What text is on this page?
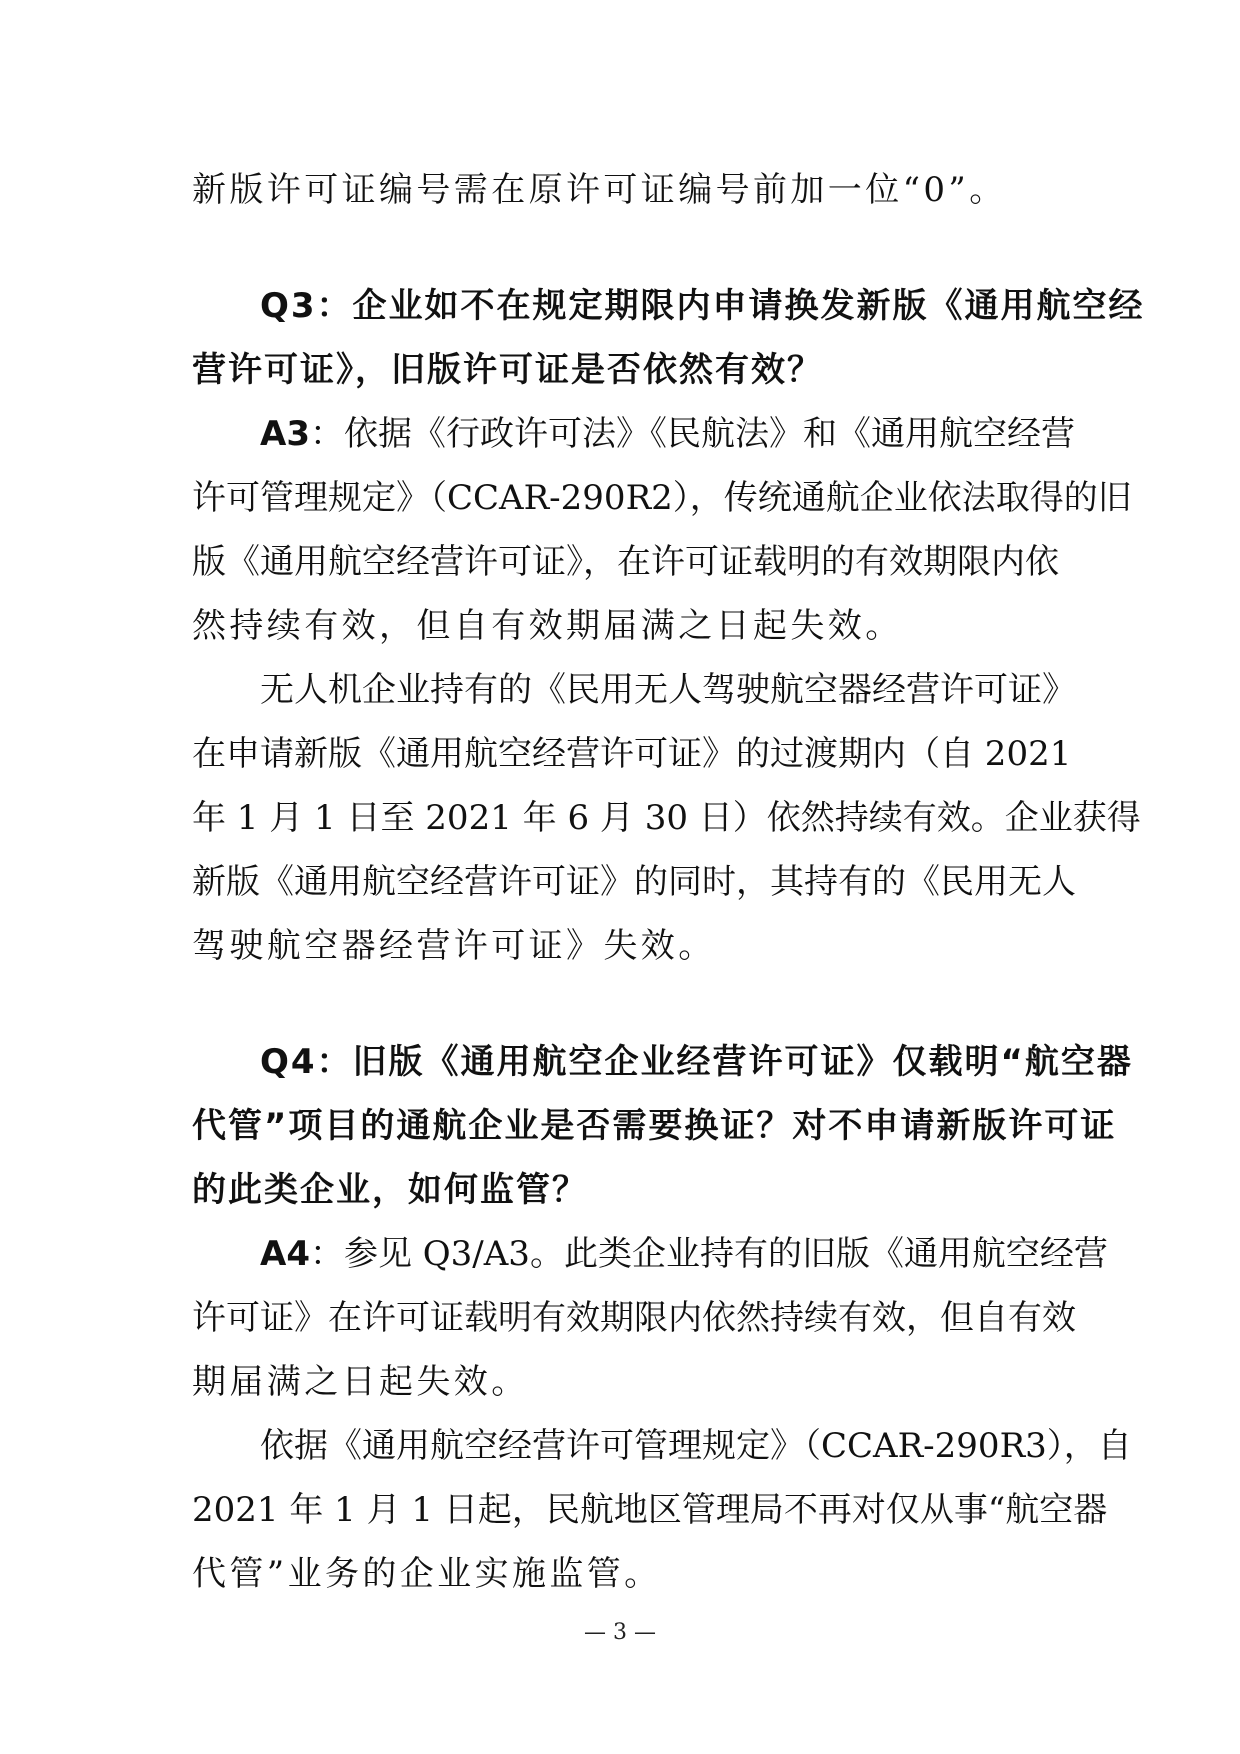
新版许可证编号需在原许可证编号前加一位“0”。
Q3：企业如不在规定期限内申请换发新版《通用航空经
营许可证》，旧版许可证是否依然有效？
A3：依据《行政许可法》《民航法》和《通用航空经营
许可管理规定》（CCAR-290R2），传统通航企业依法取得的旧
版《通用航空经营许可证》，在许可证载明的有效期限内依
然持续有效，但自有效期届满之日起失效。
无人机企业持有的《民用无人驾驶航空器经营许可证》
在申请新版《通用航空经营许可证》的过渡期内（自 2021
年 1 月 1 日至 2021 年 6 月 30 日）依然持续有效。企业获得
新版《通用航空经营许可证》的同时，其持有的《民用无人
驾驶航空器经营许可证》失效。
Q4：旧版《通用航空企业经营许可证》仅载明“航空器
代管”项目的通航企业是否需要换证？对不申请新版许可证
的此类企业，如何监管？
A4：参见 Q3/A3。此类企业持有的旧版《通用航空经营
许可证》在许可证载明有效期限内依然持续有效，但自有效
期届满之日起失效。
依据《通用航空经营许可管理规定》（CCAR-290R3），自
2021 年 1 月 1 日起，民航地区管理局不再对仅从事“航空器
代管”业务的企业实施监管。
— 3 —
